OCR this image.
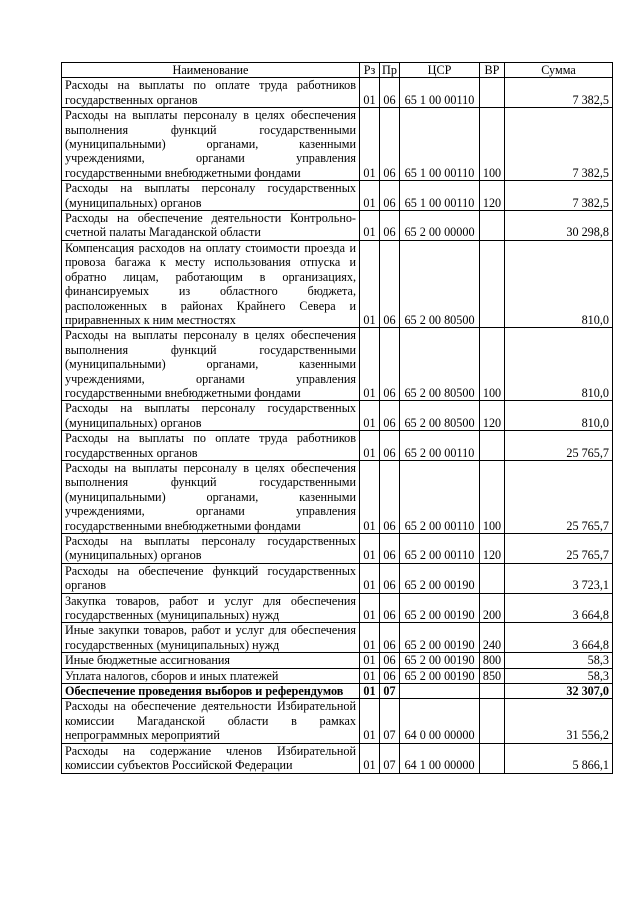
Наименование	Рз	Пр	ЦСР	ВР	Сумма
Расходы на выплаты по оплате труда работников государственных органов	01	06	65 1 00 00110		7 382,5
Расходы на выплаты персоналу в целях обеспечения выполнения функций государственными (муниципальными) органами, казенными учреждениями, органами управления государственными внебюджетными фондами	01	06	65 1 00 00110	100	7 382,5
Расходы на выплаты персоналу государственных (муниципальных) органов	01	06	65 1 00 00110	120	7 382,5
Расходы на обеспечение деятельности Контрольно-счетной палаты Магаданской области	01	06	65 2 00 00000		30 298,8
Компенсация расходов на оплату стоимости проезда и провоза багажа к месту использования отпуска и обратно лицам, работающим в организациях, финансируемых из областного бюджета, расположенных в районах Крайнего Севера и приравненных к ним местностях	01	06	65 2 00 80500		810,0
Расходы на выплаты персоналу в целях обеспечения выполнения функций государственными (муниципальными) органами, казенными учреждениями, органами управления государственными внебюджетными фондами	01	06	65 2 00 80500	100	810,0
Расходы на выплаты персоналу государственных (муниципальных) органов	01	06	65 2 00 80500	120	810,0
Расходы на выплаты по оплате труда работников государственных органов	01	06	65 2 00 00110		25 765,7
Расходы на выплаты персоналу в целях обеспечения выполнения функций государственными (муниципальными) органами, казенными учреждениями, органами управления государственными внебюджетными фондами	01	06	65 2 00 00110	100	25 765,7
Расходы на выплаты персоналу государственных (муниципальных) органов	01	06	65 2 00 00110	120	25 765,7
Расходы на обеспечение функций государственных органов	01	06	65 2 00 00190		3 723,1
Закупка товаров, работ и услуг для обеспечения государственных (муниципальных) нужд	01	06	65 2 00 00190	200	3 664,8
Иные закупки товаров, работ и услуг для обеспечения государственных (муниципальных) нужд	01	06	65 2 00 00190	240	3 664,8
Иные бюджетные ассигнования	01	06	65 2 00 00190	800	58,3
Уплата налогов, сборов и иных платежей	01	06	65 2 00 00190	850	58,3
Обеспечение проведения выборов и референдумов	01	07			32 307,0
Расходы на обеспечение деятельности Избирательной комиссии Магаданской области в рамках непрограммных мероприятий	01	07	64 0 00 00000		31 556,2
Расходы на содержание членов Избирательной комиссии субъектов Российской Федерации	01	07	64 1 00 00000		5 866,1
